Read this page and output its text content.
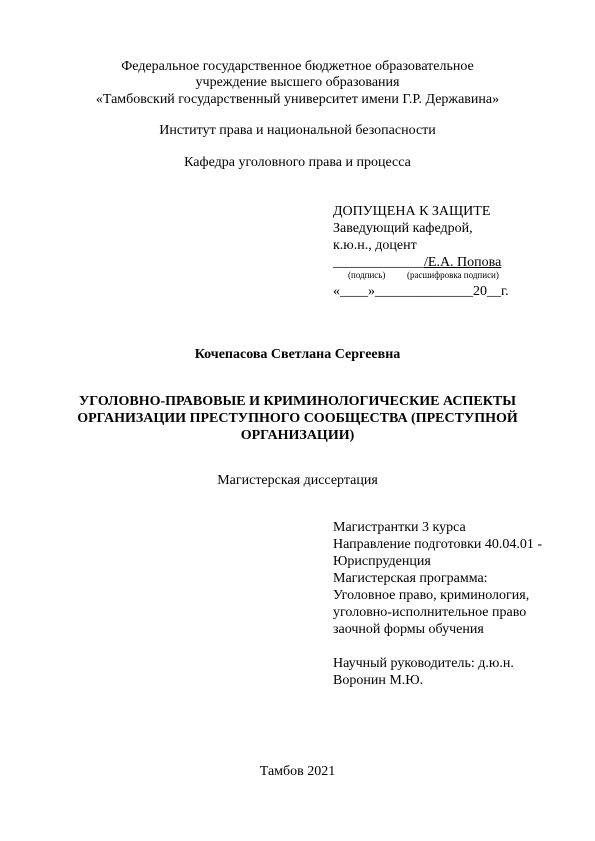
Федеральное государственное бюджетное образовательное
учреждение высшего образования
«Тамбовский государственный университет имени Г.Р. Державина»
Институт права и национальной безопасности
Кафедра уголовного права и процесса
ДОПУЩЕНА К ЗАЩИТЕ
Заведующий кафедрой,
к.ю.н., доцент
_____________/Е.А. Попова
(подпись) (расшифровка подписи)
«____»______________20__г.
Кочепасова Светлана Сергеевна
УГОЛОВНО-ПРАВОВЫЕ И КРИМИНОЛОГИЧЕСКИЕ АСПЕКТЫ
ОРГАНИЗАЦИИ ПРЕСТУПНОГО СООБЩЕСТВА (ПРЕСТУПНОЙ
ОРГАНИЗАЦИИ)
Магистерская диссертация
Магистрантки 3 курса
Направление подготовки 40.04.01 -
Юриспруденция
Магистерская программа:
Уголовное право, криминология,
уголовно-исполнительное право
заочной формы обучения
Научный руководитель: д.ю.н.
Воронин М.Ю.
Тамбов 2021
